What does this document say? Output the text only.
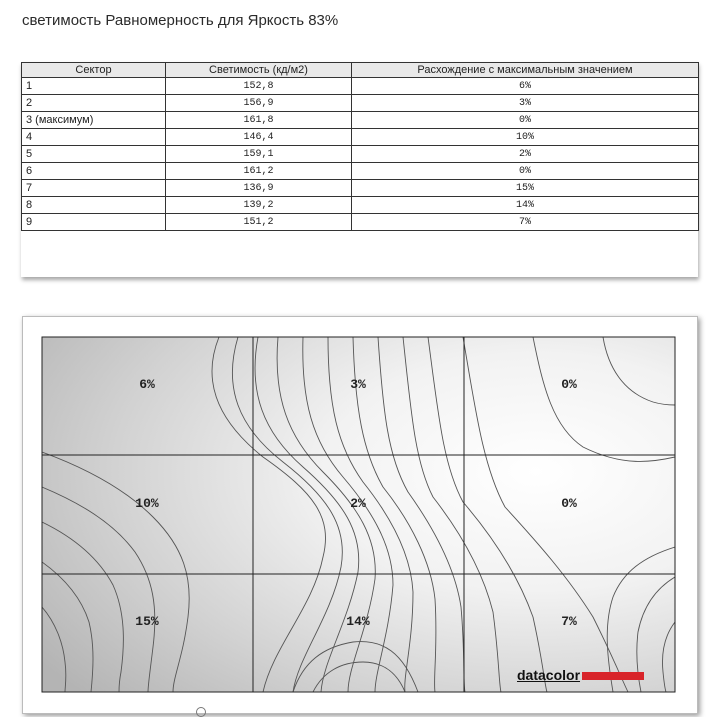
светимость Равномерность для Яркость 83%
Сектор	Светимость (кд/м2)	Расхождение с максимальным значением
1	152,8	6%
2	156,9	3%
3 (максимум)	161,8	0%
4	146,4	10%
5	159,1	2%
6	161,2	0%
7	136,9	15%
8	139,2	14%
9	151,2	7%
6%	3%	0%
10%	2%	0%
15%	14%	7%
datacolor
